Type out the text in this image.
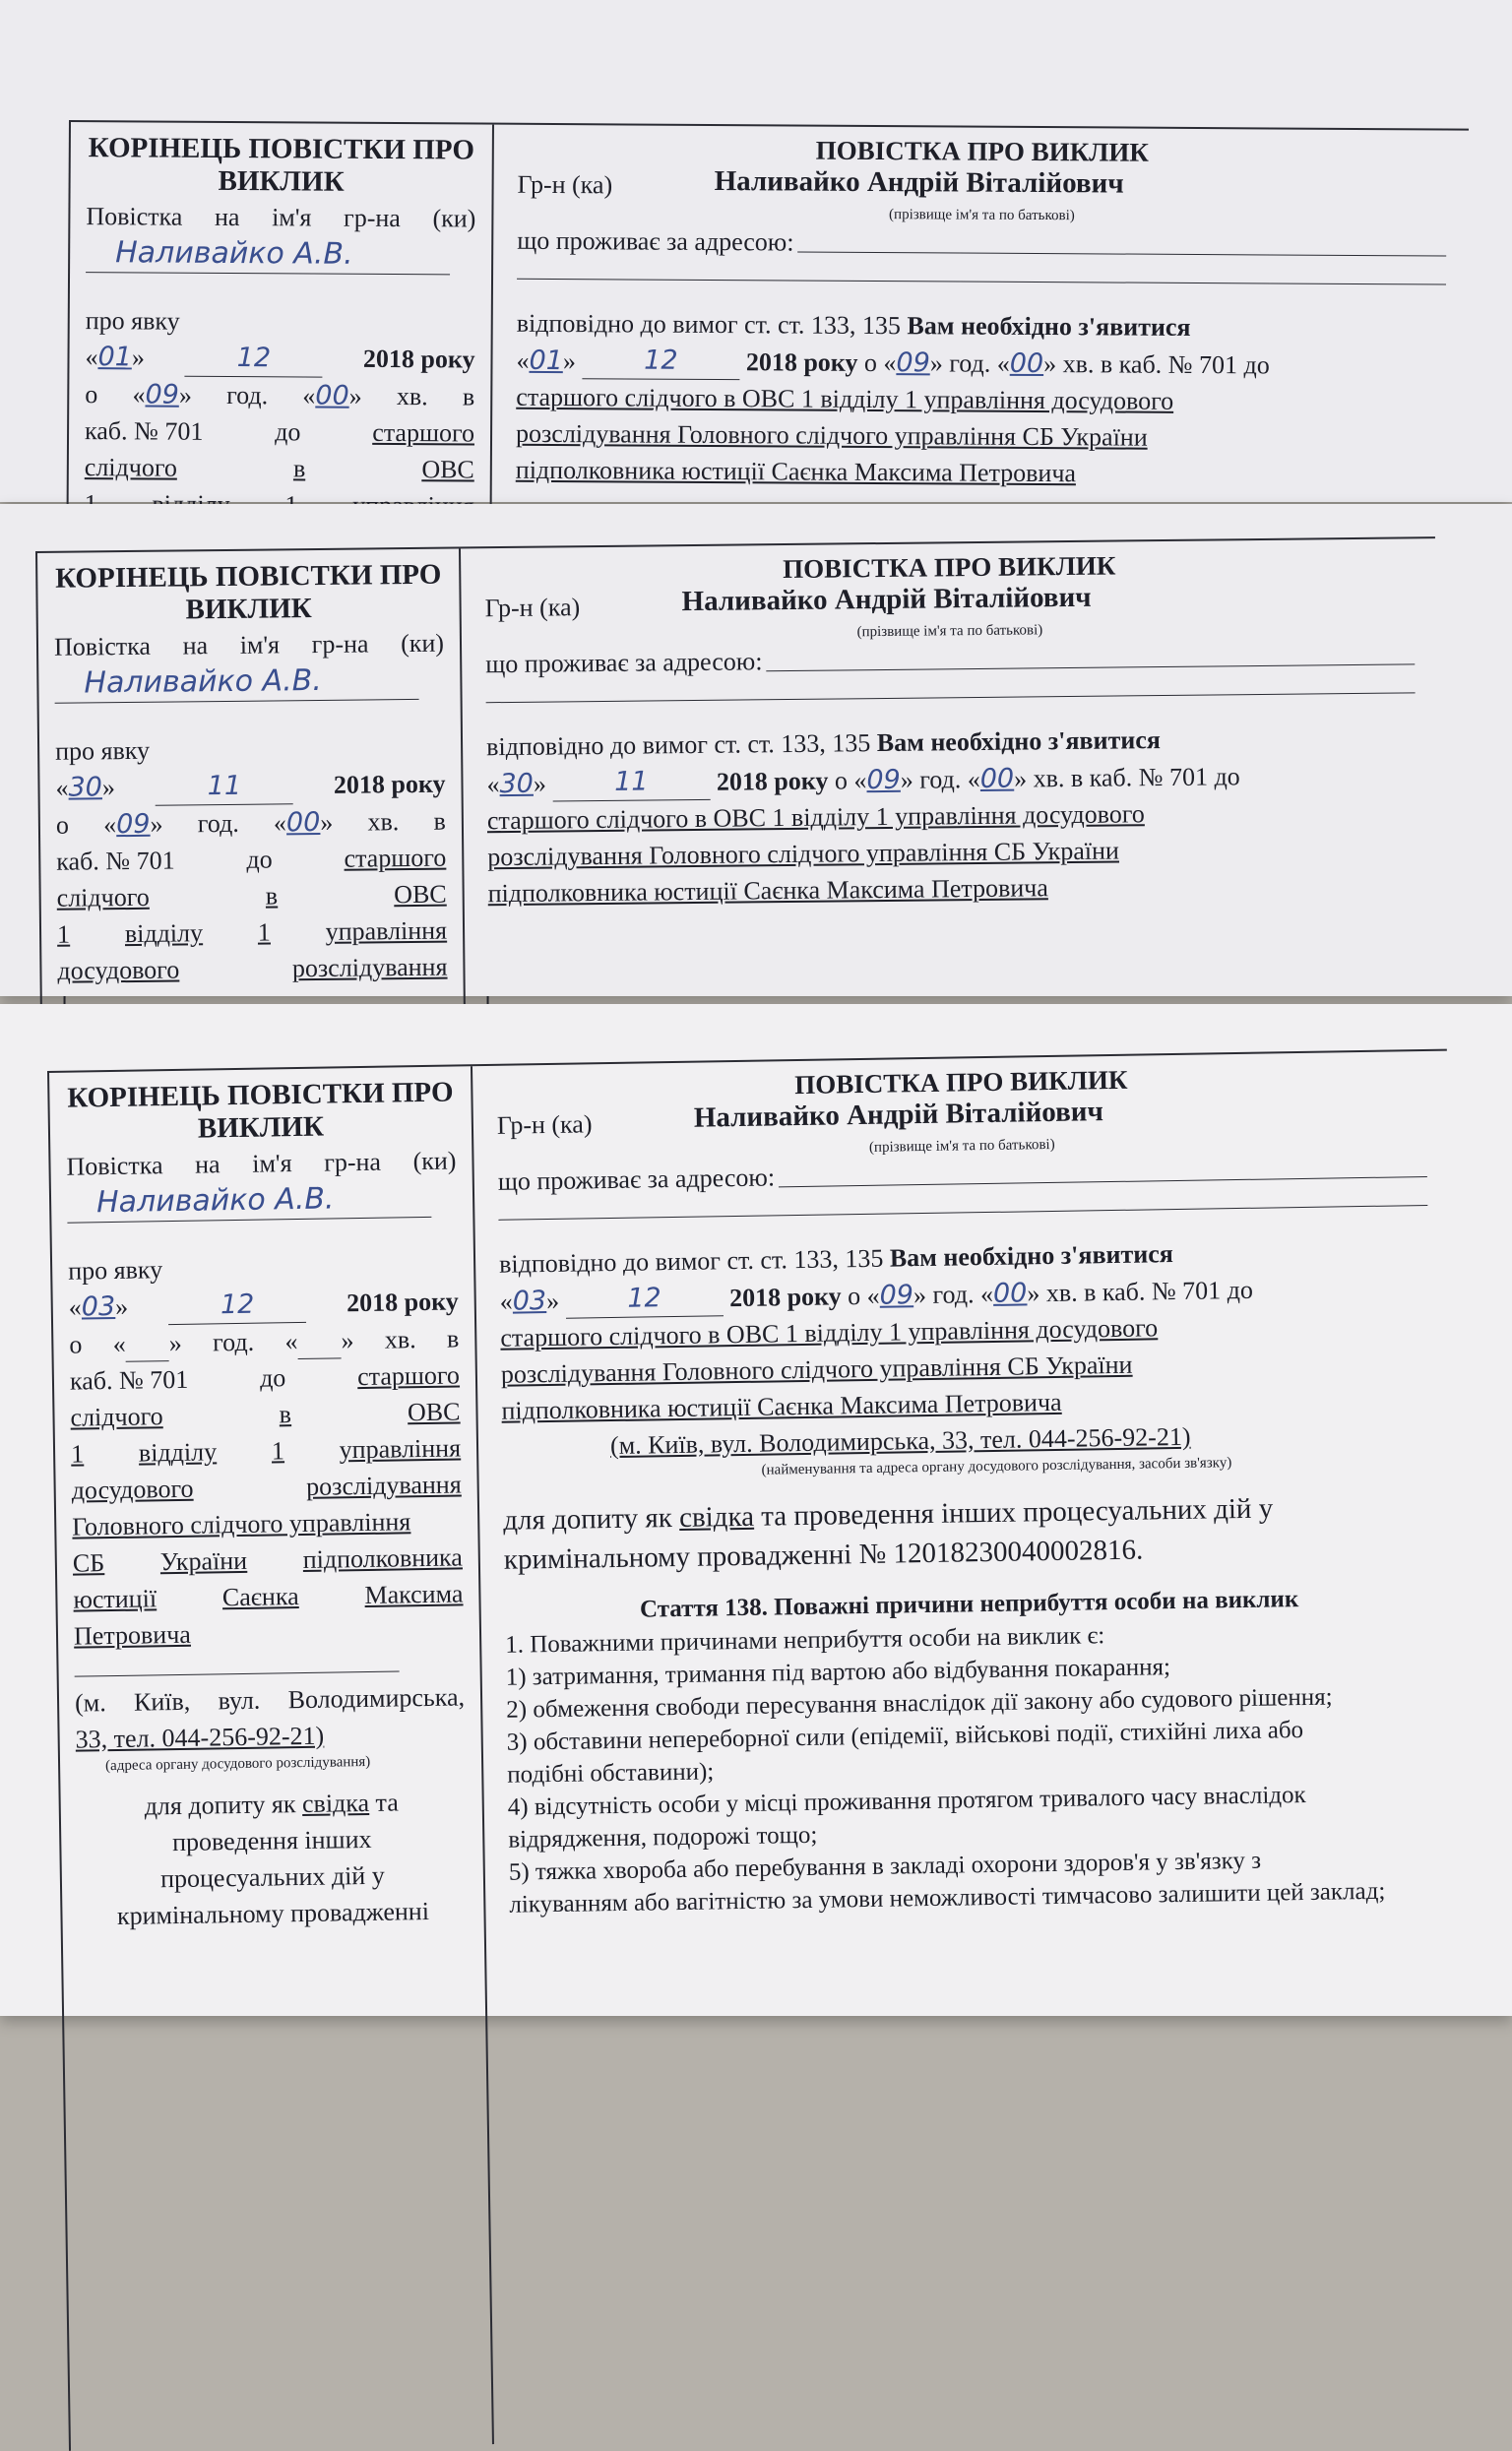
КОРІНЕЦЬ ПОВІСТКИ ПРО
ВИКЛИК
Повістка на ім'я гр-на (ки)
Наливайко А.В.
про явку
«01»	12	2018 року
о «09» год. «00» хв. в
каб. № 701	до	старшого
слідчого	в	ОВС
ПОВІСТКА ПРО ВИКЛИК
Гр-н (ка)	Наливайко Андрій Віталійович
(прізвище ім'я та по батькові)
що проживає за адресою:
відповідно до вимог ст. ст. 133, 135 Вам необхідно з'явитися
«01» 12	2018 року о «09» год. «00» хв. в каб. № 701 до
старшого слідчого в ОВС 1 відділу 1 управління досудового
розслідування Головного слідчого управління СБ України
підполковника юстиції Саєнка Максима Петровича
КОРІНЕЦЬ ПОВІСТКИ ПРО
ВИКЛИК
Повістка на ім'я гр-на (ки)
Наливайко А.В.
про явку
«30»	11	2018 року
о «09» год. «00» хв. в
каб. № 701	до	старшого
слідчого	в	ОВС
1 відділу 1 управління
досудового	розслідування
ПОВІСТКА ПРО ВИКЛИК
Гр-н (ка)	Наливайко Андрій Віталійович
(прізвище ім'я та по батькові)
що проживає за адресою:
відповідно до вимог ст. ст. 133, 135 Вам необхідно з'явитися
«30» 11	2018 року о «09» год. «00» хв. в каб. № 701 до
старшого слідчого в ОВС 1 відділу 1 управління досудового
розслідування Головного слідчого управління СБ України
підполковника юстиції Саєнка Максима Петровича
КОРІНЕЦЬ ПОВІСТКИ ПРО
ВИКЛИК
Повістка на ім'я гр-на (ки)
Наливайко А.В.
про явку
«03»	12	2018 року
о « » год. « » хв. в
каб. № 701	до	старшого
слідчого	в	ОВС
1 відділу 1 управління
досудового	розслідування
Головного слідчого управління
СБ України підполковника
юстиції	Саєнка	Максима
Петровича
(м. Київ, вул. Володимирська,
33, тел. 044-256-92-21)
(адреса органу досудового розслідування)
для допиту як свідка та
проведення інших
процесуальних дій у
кримінальному провадженні
ПОВІСТКА ПРО ВИКЛИК
Гр-н (ка)	Наливайко Андрій Віталійович
(прізвище ім'я та по батькові)
що проживає за адресою:
відповідно до вимог ст. ст. 133, 135 Вам необхідно з'явитися
«03» 12	2018 року о «09» год. «00» хв. в каб. № 701 до
старшого слідчого в ОВС 1 відділу 1 управління досудового
розслідування Головного слідчого управління СБ України
підполковника юстиції Саєнка Максима Петровича
(м. Київ, вул. Володимирська, 33, тел. 044-256-92-21)
(найменування та адреса органу досудового розслідування, засоби зв'язку)
для допиту як свідка та проведення інших процесуальних дій у
кримінальному провадженні № 12018230040002816.
Стаття 138. Поважні причини неприбуття особи на виклик
1. Поважними причинами неприбуття особи на виклик є:
1) затримання, тримання під вартою або відбування покарання;
2) обмеження свободи пересування внаслідок дії закону або судового рішення;
3) обставини непереборної сили (епідемії, військові події, стихійні лиха або
подібні обставини);
4) відсутність особи у місці проживання протягом тривалого часу внаслідок
відрядження, подорожі тощо;
5) тяжка хвороба або перебування в закладі охорони здоров'я у зв'язку з
лікуванням або вагітністю за умови неможливості тимчасово залишити цей заклад;
